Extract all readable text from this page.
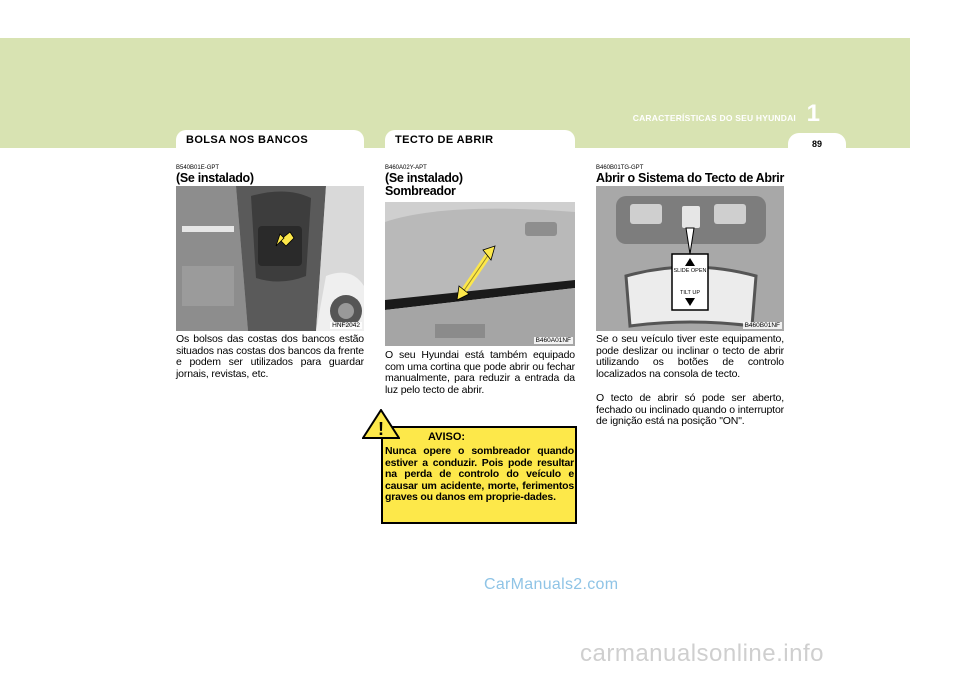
1
CARACTERÍSTICAS DO SEU HYUNDAI
89
BOLSA NOS BANCOS
B540B01E-GPT
(Se instalado)
HNF2042
Os bolsos das costas dos bancos estão situados nas costas dos bancos da frente e podem ser utilizados para guardar jornais, revistas, etc.
TECTO DE ABRIR
B460A02Y-APT
(Se instalado)
Sombreador
B460A01NF
O seu Hyundai está também equipado com uma cortina que pode abrir ou fechar manualmente, para reduzir a entrada da luz pelo tecto de abrir.
!	AVISO:
Nunca opere o sombreador quando estiver a conduzir. Pois pode resultar na perda de controlo do veículo e causar um acidente, morte, ferimentos graves ou danos em proprie-dades.
B460B01TG-GPT
Abrir o Sistema do Tecto de Abrir
SLIDE OPEN
TILT UP
B460B01NF
Se o seu veículo tiver este equipamento, pode deslizar ou inclinar o tecto de abrir utilizando os botões de controlo localizados na consola de tecto.
O tecto de abrir só pode ser aberto, fechado ou inclinado quando o interruptor de ignição está na posição "ON".
CarManuals2.com
carmanualsonline.info
